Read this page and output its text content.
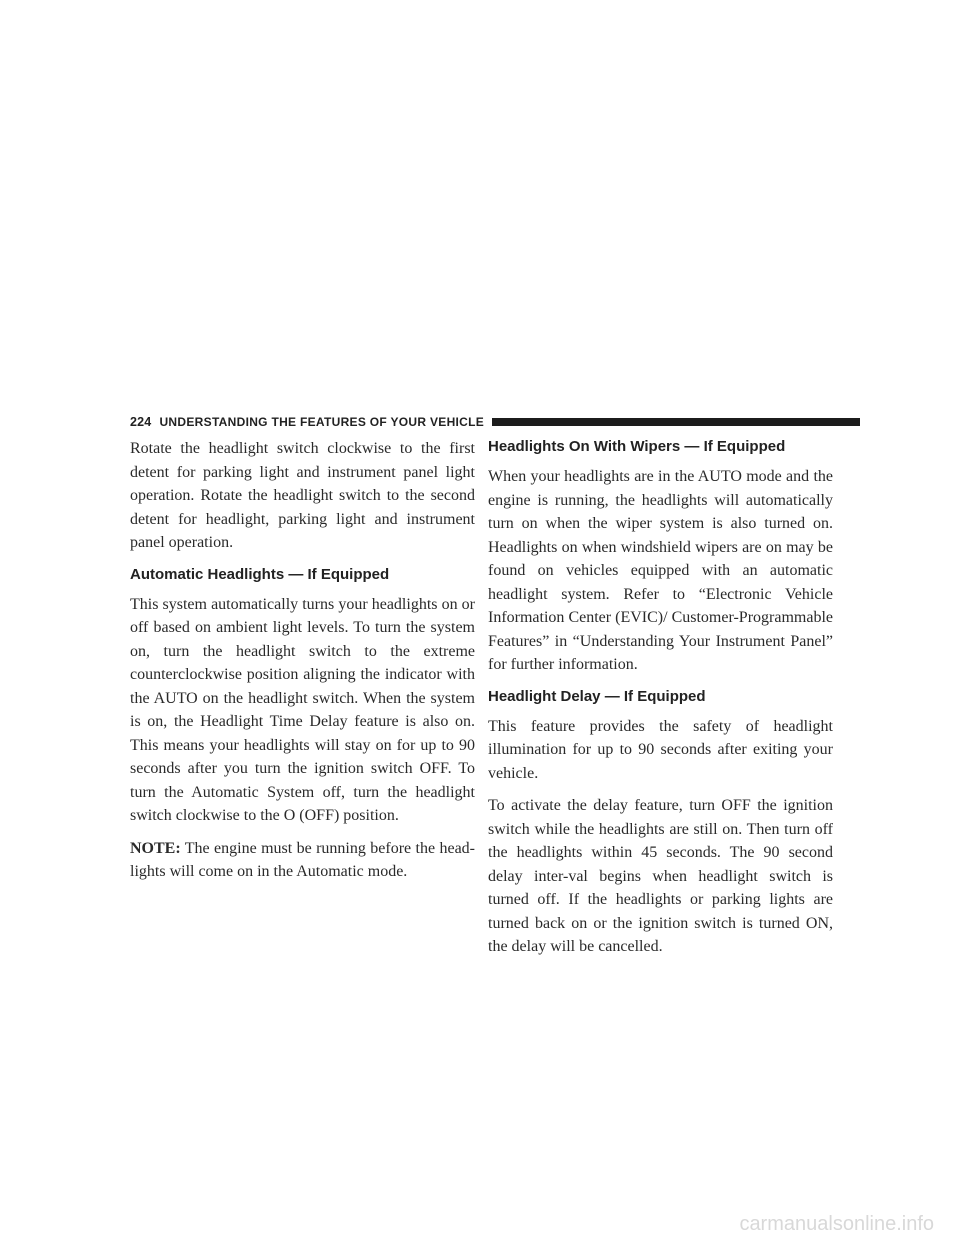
224 UNDERSTANDING THE FEATURES OF YOUR VEHICLE

Rotate the headlight switch clockwise to the first detent for parking light and instrument panel light operation. Rotate the headlight switch to the second detent for headlight, parking light and instrument panel operation.

Automatic Headlights — If Equipped

This system automatically turns your headlights on or off based on ambient light levels. To turn the system on, turn the headlight switch to the extreme counterclockwise position aligning the indicator with the AUTO on the headlight switch. When the system is on, the Headlight Time Delay feature is also on. This means your headlights will stay on for up to 90 seconds after you turn the ignition switch OFF. To turn the Automatic System off, turn the headlight switch clockwise to the O (OFF) position.

NOTE: The engine must be running before the head-lights will come on in the Automatic mode.

Headlights On With Wipers — If Equipped

When your headlights are in the AUTO mode and the engine is running, the headlights will automatically turn on when the wiper system is also turned on. Headlights on when windshield wipers are on may be found on vehicles equipped with an automatic headlight system. Refer to “Electronic Vehicle Information Center (EVIC)/ Customer-Programmable Features” in “Understanding Your Instrument Panel” for further information.

Headlight Delay — If Equipped

This feature provides the safety of headlight illumination for up to 90 seconds after exiting your vehicle.

To activate the delay feature, turn OFF the ignition switch while the headlights are still on. Then turn off the headlights within 45 seconds. The 90 second delay inter-val begins when headlight switch is turned off. If the headlights or parking lights are turned back on or the ignition switch is turned ON, the delay will be cancelled.

carmanualsonline.info
